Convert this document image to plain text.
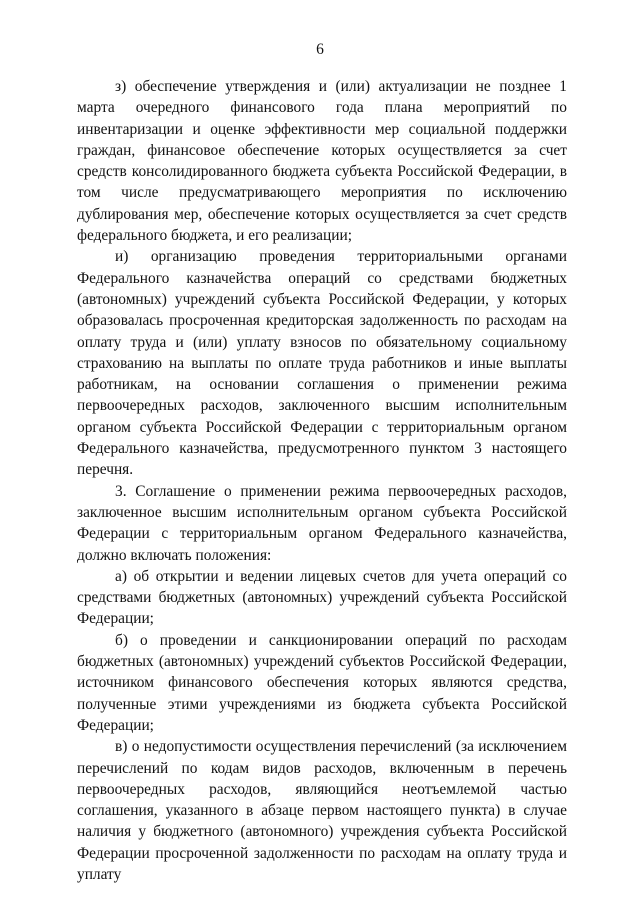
6

з) обеспечение утверждения и (или) актуализации не позднее 1 марта очередного финансового года плана мероприятий по инвентаризации и оценке эффективности мер социальной поддержки граждан, финансовое обеспечение которых осуществляется за счет средств консолидированного бюджета субъекта Российской Федерации, в том числе предусматривающего мероприятия по исключению дублирования мер, обеспечение которых осуществляется за счет средств федерального бюджета, и его реализации;

и) организацию проведения территориальными органами Федерального казначейства операций со средствами бюджетных (автономных) учреждений субъекта Российской Федерации, у которых образовалась просроченная кредиторская задолженность по расходам на оплату труда и (или) уплату взносов по обязательному социальному страхованию на выплаты по оплате труда работников и иные выплаты работникам, на основании соглашения о применении режима первоочередных расходов, заключенного высшим исполнительным органом субъекта Российской Федерации с территориальным органом Федерального казначейства, предусмотренного пунктом 3 настоящего перечня.

3. Соглашение о применении режима первоочередных расходов, заключенное высшим исполнительным органом субъекта Российской Федерации с территориальным органом Федерального казначейства, должно включать положения:

а) об открытии и ведении лицевых счетов для учета операций со средствами бюджетных (автономных) учреждений субъекта Российской Федерации;

б) о проведении и санкционировании операций по расходам бюджетных (автономных) учреждений субъектов Российской Федерации, источником финансового обеспечения которых являются средства, полученные этими учреждениями из бюджета субъекта Российской Федерации;

в) о недопустимости осуществления перечислений (за исключением перечислений по кодам видов расходов, включенным в перечень первоочередных расходов, являющийся неотъемлемой частью соглашения, указанного в абзаце первом настоящего пункта) в случае наличия у бюджетного (автономного) учреждения субъекта Российской Федерации просроченной задолженности по расходам на оплату труда и уплату
